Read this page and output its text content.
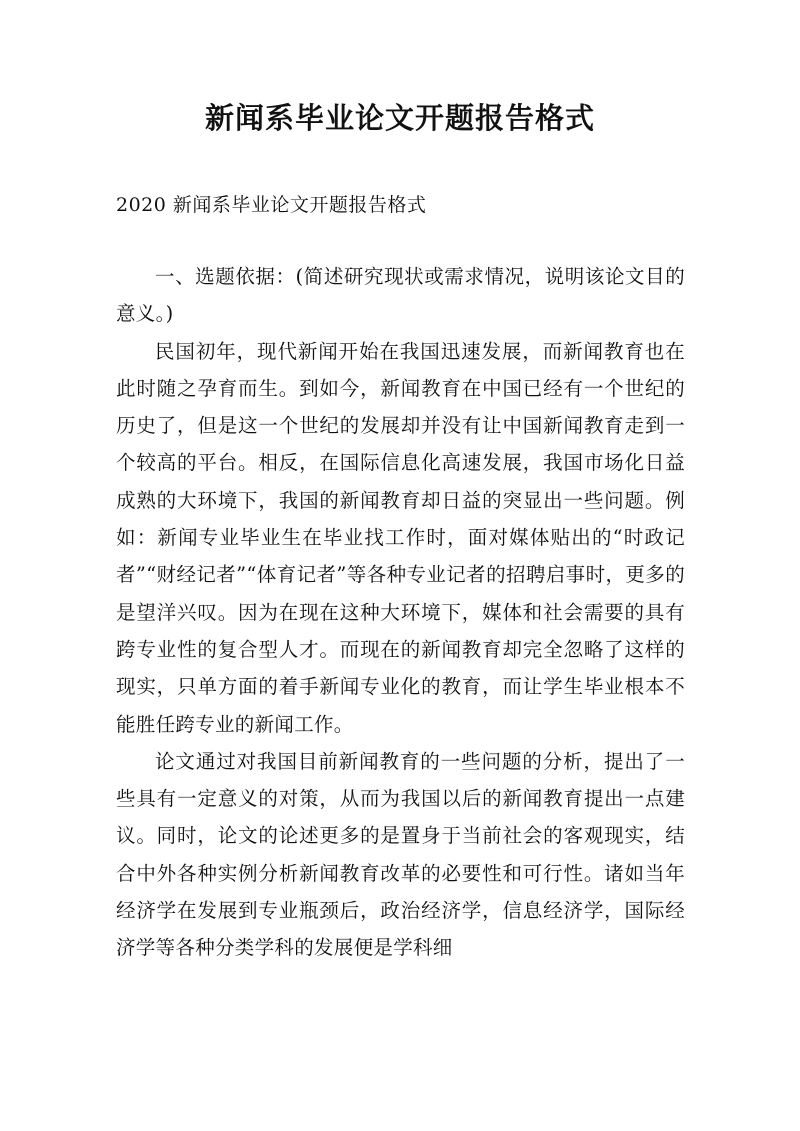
新闻系毕业论文开题报告格式

2020 新闻系毕业论文开题报告格式

一、选题依据：(简述研究现状或需求情况，说明该论文目的意义。)

民国初年，现代新闻开始在我国迅速发展，而新闻教育也在此时随之孕育而生。到如今，新闻教育在中国已经有一个世纪的历史了，但是这一个世纪的发展却并没有让中国新闻教育走到一个较高的平台。相反，在国际信息化高速发展，我国市场化日益成熟的大环境下，我国的新闻教育却日益的突显出一些问题。例如：新闻专业毕业生在毕业找工作时，面对媒体贴出的“时政记者”“财经记者”“体育记者”等各种专业记者的招聘启事时，更多的是望洋兴叹。因为在现在这种大环境下，媒体和社会需要的具有跨专业性的复合型人才。而现在的新闻教育却完全忽略了这样的现实，只单方面的着手新闻专业化的教育，而让学生毕业根本不能胜任跨专业的新闻工作。

论文通过对我国目前新闻教育的一些问题的分析，提出了一些具有一定意义的对策，从而为我国以后的新闻教育提出一点建议。同时，论文的论述更多的是置身于当前社会的客观现实，结合中外各种实例分析新闻教育改革的必要性和可行性。诸如当年经济学在发展到专业瓶颈后，政治经济学，信息经济学，国际经济学等各种分类学科的发展便是学科细
